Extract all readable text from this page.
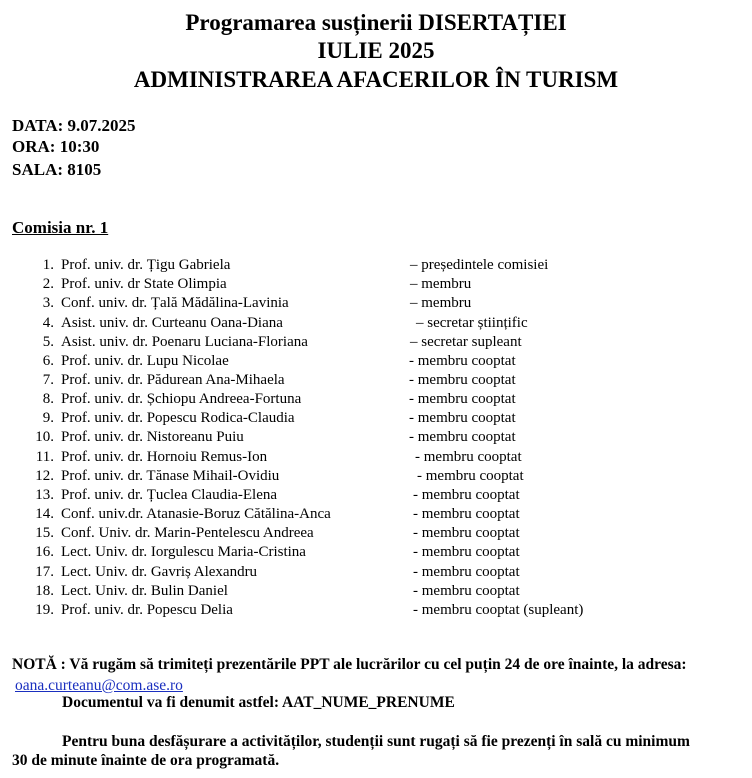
Programarea susținerii DISERTAȚIEI
IULIE 2025
ADMINISTRAREA AFACERILOR ÎN TURISM
DATA: 9.07.2025
ORA: 10:30
SALA: 8105
Comisia nr. 1
1. Prof. univ. dr. Țigu Gabriela	– președintele comisiei
2. Prof. univ. dr State Olimpia	– membru
3. Conf. univ. dr. Țală Mădălina-Lavinia	– membru
4. Asist. univ. dr. Curteanu Oana-Diana	– secretar științific
5. Asist. univ. dr. Poenaru Luciana-Floriana	– secretar supleant
6. Prof. univ. dr. Lupu Nicolae	- membru cooptat
7. Prof. univ. dr. Pădurean Ana-Mihaela	- membru cooptat
8. Prof. univ. dr. Șchiopu Andreea-Fortuna	- membru cooptat
9. Prof. univ. dr. Popescu Rodica-Claudia	- membru cooptat
10. Prof. univ. dr. Nistoreanu Puiu	- membru cooptat
11. Prof. univ. dr. Hornoiu Remus-Ion	- membru cooptat
12. Prof. univ. dr. Tănase Mihail-Ovidiu	- membru cooptat
13. Prof. univ. dr. Țuclea Claudia-Elena	- membru cooptat
14. Conf. univ.dr. Atanasie-Boruz Cătălina-Anca	- membru cooptat
15. Conf. Univ. dr. Marin-Pentelescu Andreea	- membru cooptat
16. Lect. Univ. dr. Iorgulescu Maria-Cristina	- membru cooptat
17. Lect. Univ. dr. Gavriș Alexandru	- membru cooptat
18. Lect. Univ. dr. Bulin Daniel	- membru cooptat
19. Prof. univ. dr. Popescu Delia	- membru cooptat (supleant)
NOTĂ : Vă rugăm să trimiteți prezentările PPT ale lucrărilor cu cel puțin 24 de ore înainte, la adresa:
oana.curteanu@com.ase.ro
Documentul va fi denumit astfel: AAT_NUME_PRENUME
Pentru buna desfășurare a activităților, studenții sunt rugați să fie prezenți în sală cu minimum
30 de minute înainte de ora programată.
